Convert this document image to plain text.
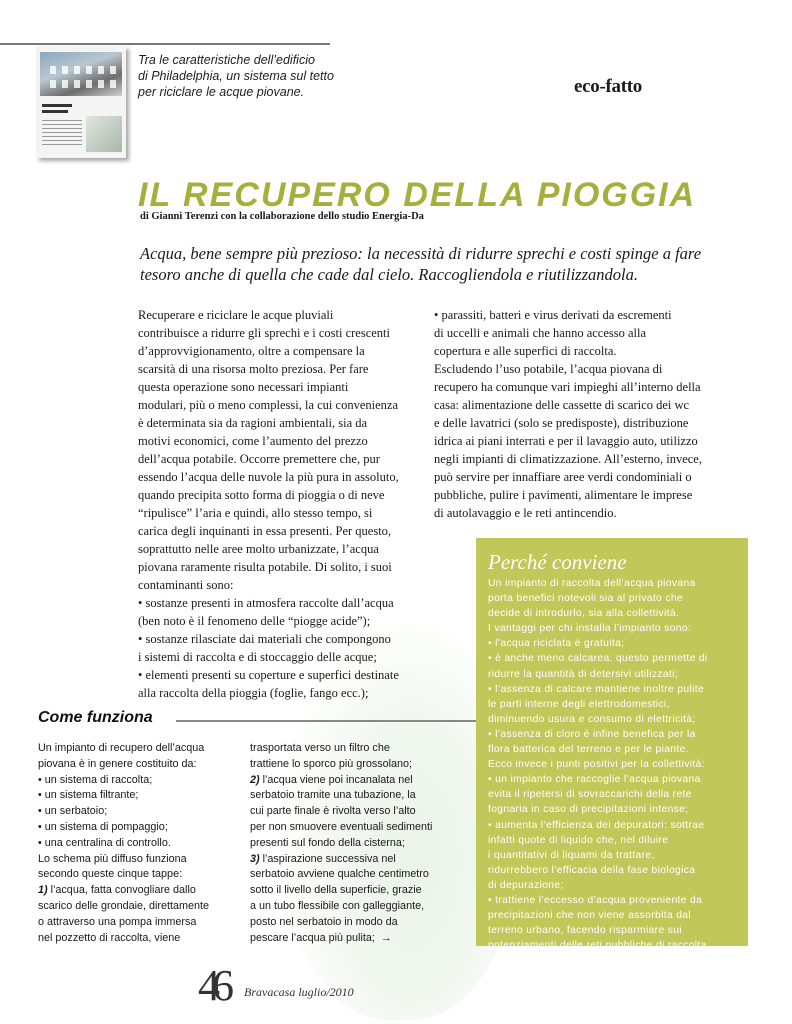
Tra le caratteristiche dell’edificio
di Philadelphia, un sistema sul tetto
per riciclare le acque piovane.	eco-fatto
IL RECUPERO DELLA PIOGGIA
di Gianni Terenzi con la collaborazione dello studio Energia-Da
Acqua, bene sempre più prezioso: la necessità di ridurre sprechi e costi spinge a fare
tesoro anche di quella che cade dal cielo. Raccogliendola e riutilizzandola.

Recuperare e riciclare le acque pluviali

contribuisce a ridurre gli sprechi e i costi crescenti

d’approvvigionamento, oltre a compensare la

scarsità di una risorsa molto preziosa. Per fare

questa operazione sono necessari impianti

modulari, più o meno complessi, la cui convenienza

è determinata sia da ragioni ambientali, sia da

motivi economici, come l’aumento del prezzo

dell’acqua potabile. Occorre premettere che, pur

essendo l’acqua delle nuvole la più pura in assoluto,

quando precipita sotto forma di pioggia o di neve

“ripulisce” l’aria e quindi, allo stesso tempo, si

carica degli inquinanti in essa presenti. Per questo,

soprattutto nelle aree molto urbanizzate, l’acqua

piovana raramente risulta potabile. Di solito, i suoi

contaminanti sono:

• sostanze presenti in atmosfera raccolte dall’acqua

(ben noto è il fenomeno delle “piogge acide”);

• sostanze rilasciate dai materiali che compongono

i sistemi di raccolta e di stoccaggio delle acque;

• elementi presenti su coperture e superfici destinate

alla raccolta della pioggia (foglie, fango ecc.);

• parassiti, batteri e virus derivati da escrementi

di uccelli e animali che hanno accesso alla

copertura e alle superfici di raccolta.

Escludendo l’uso potabile, l’acqua piovana di

recupero ha comunque vari impieghi all’interno della

casa: alimentazione delle cassette di scarico dei wc

e delle lavatrici (solo se predisposte), distribuzione

idrica ai piani interrati e per il lavaggio auto, utilizzo

negli impianti di climatizzazione. All’esterno, invece,

può servire per innaffiare aree verdi condominiali o

pubbliche, pulire i pavimenti, alimentare le imprese

di autolavaggio e le reti antincendio.

Perché conviene
Un impianto di raccolta dell’acqua piovana
porta benefici notevoli sia al privato che
decide di introdurlo, sia alla collettività.
I vantaggi per chi installa l’impianto sono:
• l’acqua riciclata è gratuita;
• è anche meno calcarea: questo permette di
ridurre la quantità di detersivi utilizzati;
• l’assenza di calcare mantiene inoltre pulite
le parti interne degli elettrodomestici,
diminuendo usura e consumo di elettricità;
• l’assenza di cloro è infine benefica per la
flora batterica del terreno e per le piante.
Ecco invece i punti positivi per la collettività:
• un impianto che raccoglie l’acqua piovana
evita il ripetersi di sovraccarichi della rete
fognaria in caso di precipitazioni intense;
• aumenta l’efficienza dei depuratori: sottrae
infatti quote di liquido che, nel diluire
i quantitativi di liquami da trattare,
ridurrebbero l’efficacia della fase biologica
di depurazione;
• trattiene l’eccesso d’acqua proveniente da
precipitazioni che non viene assorbita dal
terreno urbano, facendo risparmiare sui
potenziamenti delle reti pubbliche di raccolta.
Come funziona
Un impianto di recupero dell’acqua
piovana è in genere costituito da:
• un sistema di raccolta;
• un sistema filtrante;
• un serbatoio;
• un sistema di pompaggio;
• una centralina di controllo.
Lo schema più diffuso funziona
secondo queste cinque tappe:
1) l’acqua, fatta convogliare dallo
scarico delle grondaie, direttamente
o attraverso una pompa immersa
nel pozzetto di raccolta, viene
trasportata verso un filtro che
trattiene lo sporco più grossolano;
2) l’acqua viene poi incanalata nel
serbatoio tramite una tubazione, la
cui parte finale è rivolta verso l’alto
per non smuovere eventuali sedimenti
presenti sul fondo della cisterna;
3) l’aspirazione successiva nel
serbatoio avviene qualche centimetro
sotto il livello della superficie, grazie
a un tubo flessibile con galleggiante,
posto nel serbatoio in modo da
pescare l’acqua più pulita; →
46 Bravacasa luglio/2010
